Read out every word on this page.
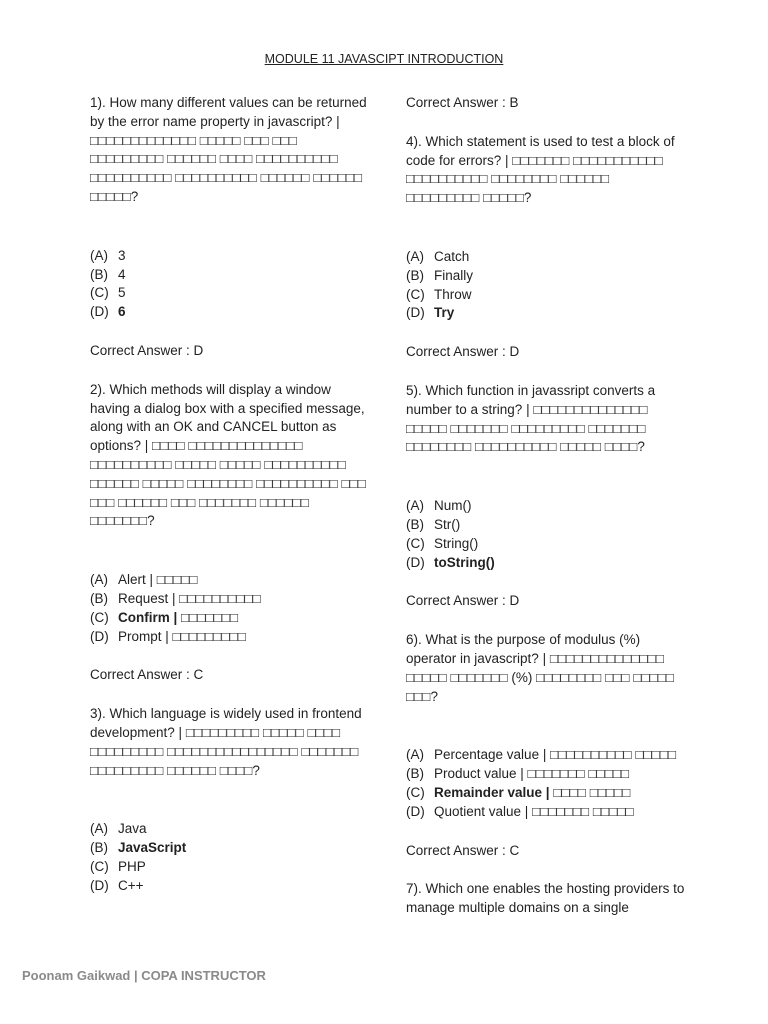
MODULE 11 JAVASCIPT INTRODUCTION

1). How many different values can be returned by the error name property in javascript? | □□□□□□□□□□□□□ □□□□□ □□□ □□□ □□□□□□□□□ □□□□□□ □□□□ □□□□□□□□□□ □□□□□□□□□□ □□□□□□□□□□ □□□□□□ □□□□□□ □□□□□?

(A) 3
(B) 4
(C) 5
(D) 6

Correct Answer : D

2). Which methods will display a window having a dialog box with a specified message, along with an OK and CANCEL button as options? | □□□□ □□□□□□□□□□□□□□ □□□□□□□□□□ □□□□□ □□□□□ □□□□□□□□□□ □□□□□□ □□□□□ □□□□□□□□ □□□□□□□□□□ □□□ □□□ □□□□□□ □□□ □□□□□□□ □□□□□□ □□□□□□□?

(A) Alert | □□□□□
(B) Request | □□□□□□□□□□
(C) Confirm | □□□□□□□
(D) Prompt | □□□□□□□□□

Correct Answer : C

3). Which language is widely used in frontend development? | □□□□□□□□□ □□□□□ □□□□ □□□□□□□□□ □□□□□□□□□□□□□□□□ □□□□□□□ □□□□□□□□□ □□□□□□ □□□□?

(A) Java
(B) JavaScript
(C) PHP
(D) C++

Correct Answer : B

4). Which statement is used to test a block of code for errors? | □□□□□□□ □□□□□□□□□□□ □□□□□□□□□□ □□□□□□□□ □□□□□□ □□□□□□□□□ □□□□□?

(A) Catch
(B) Finally
(C) Throw
(D) Try

Correct Answer : D

5). Which function in javassript converts a number to a string? | □□□□□□□□□□□□□□ □□□□□ □□□□□□□ □□□□□□□□□ □□□□□□□ □□□□□□□□ □□□□□□□□□□ □□□□□ □□□□?

(A) Num()
(B) Str()
(C) String()
(D) toString()

Correct Answer : D

6). What is the purpose of modulus (%) operator in javascript? | □□□□□□□□□□□□□□ □□□□□ □□□□□□□ (%) □□□□□□□□ □□□ □□□□□ □□□?

(A) Percentage value | □□□□□□□□□□ □□□□□
(B) Product value | □□□□□□□ □□□□□
(C) Remainder value | □□□□ □□□□□
(D) Quotient value | □□□□□□□ □□□□□

Correct Answer : C

7). Which one enables the hosting providers to manage multiple domains on a single

Poonam Gaikwad | COPA INSTRUCTOR
